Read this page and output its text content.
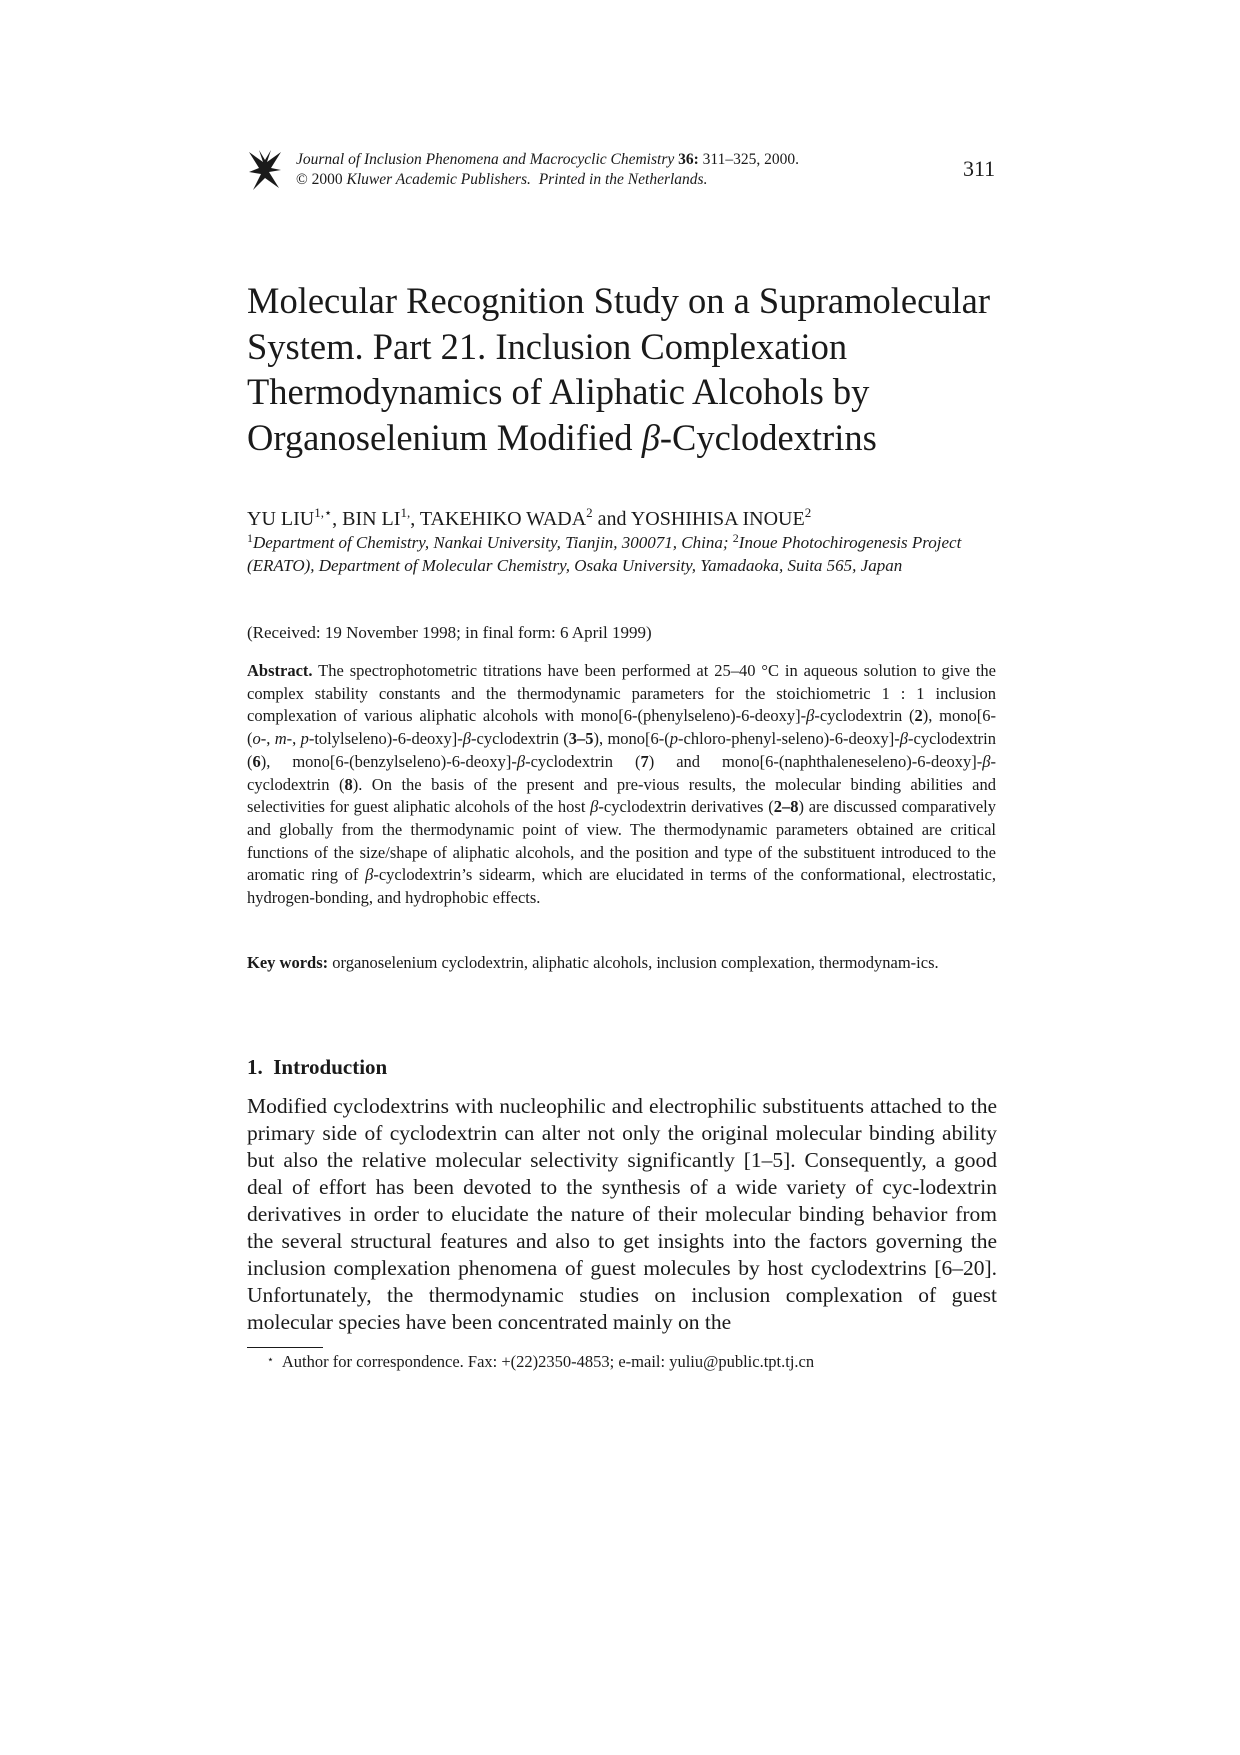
Journal of Inclusion Phenomena and Macrocyclic Chemistry 36: 311–325, 2000.
© 2000 Kluwer Academic Publishers. Printed in the Netherlands.	311
Molecular Recognition Study on a Supramolecular System. Part 21. Inclusion Complexation Thermodynamics of Aliphatic Alcohols by Organoselenium Modified β-Cyclodextrins
YU $LIU^{1,⋆}$, BIN $LI^{1,}$, TAKEHIKO WADA$^2$ and YOSHIHISA INOUE$^2$
$^1$Department of Chemistry, Nankai University, Tianjin, 300071, China; $^2$Inoue Photochirogenesis Project (ERATO), Department of Molecular Chemistry, Osaka University, Yamadaoka, Suita 565, Japan
(Received: 19 November 1998; in final form: 6 April 1999)
Abstract. The spectrophotometric titrations have been performed at 25–40 °C in aqueous solution to give the complex stability constants and the thermodynamic parameters for the stoichiometric 1 : 1 inclusion complexation of various aliphatic alcohols with mono[6-(phenylseleno)-6-deoxy]-β-cyclodextrin (2), mono[6-(o-, m-, p-tolylseleno)-6-deoxy]-β-cyclodextrin (3–5), mono[6-(p-chloro-phenyl-seleno)-6-deoxy]-β-cyclodextrin (6), mono[6-(benzylseleno)-6-deoxy]-β-cyclodextrin (7) and mono[6-(naphthaleneseleno)-6-deoxy]-β-cyclodextrin (8). On the basis of the present and pre-vious results, the molecular binding abilities and selectivities for guest aliphatic alcohols of the host β-cyclodextrin derivatives (2–8) are discussed comparatively and globally from the thermodynamic point of view. The thermodynamic parameters obtained are critical functions of the size/shape of aliphatic alcohols, and the position and type of the substituent introduced to the aromatic ring of β-cyclodextrin’s sidearm, which are elucidated in terms of the conformational, electrostatic, hydrogen-bonding, and hydrophobic effects.
Key words: organoselenium cyclodextrin, aliphatic alcohols, inclusion complexation, thermodynam-ics.
1. Introduction
Modified cyclodextrins with nucleophilic and electrophilic substituents attached to the primary side of cyclodextrin can alter not only the original molecular binding ability but also the relative molecular selectivity significantly [1–5]. Consequently, a good deal of effort has been devoted to the synthesis of a wide variety of cyc-lodextrin derivatives in order to elucidate the nature of their molecular binding behavior from the several structural features and also to get insights into the factors governing the inclusion complexation phenomena of guest molecules by host cyclodextrins [6–20]. Unfortunately, the thermodynamic studies on inclusion complexation of guest molecular species have been concentrated mainly on the
⋆ Author for correspondence. Fax: +(22)2350-4853; e-mail: yuliu@public.tpt.tj.cn
